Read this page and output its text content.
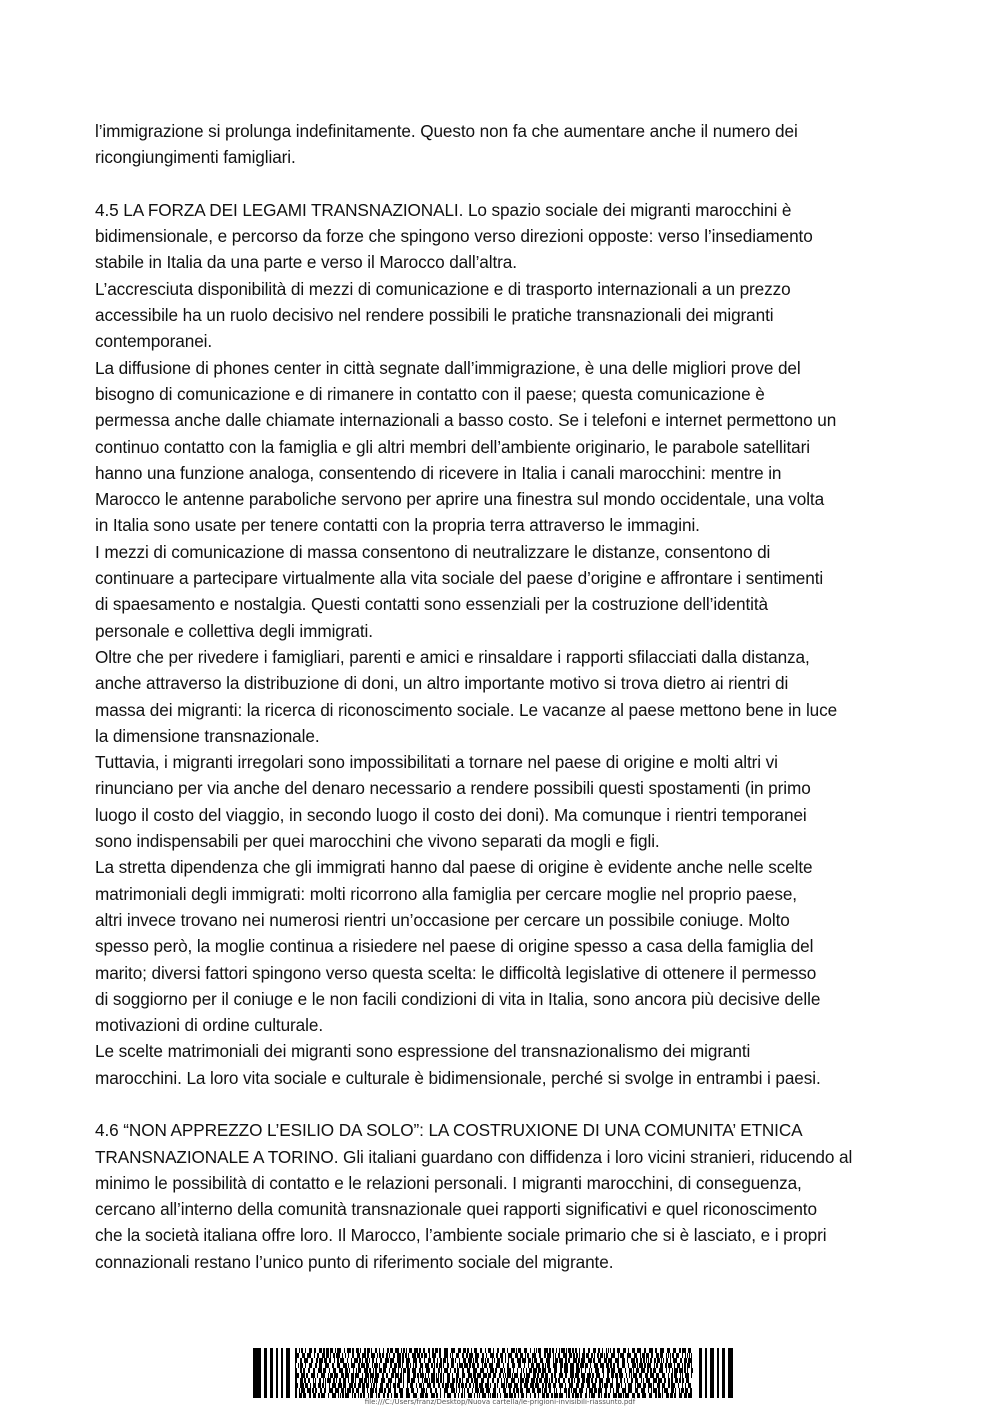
l’immigrazione si prolunga indefinitamente. Questo non fa che aumentare anche il numero dei
ricongiungimenti famigliari.

4.5 LA FORZA DEI LEGAMI TRANSNAZIONALI. Lo spazio sociale dei migranti marocchini è
bidimensionale, e percorso da forze che spingono verso direzioni opposte: verso l’insediamento
stabile in Italia da una parte e verso il Marocco dall’altra.

L’accresciuta disponibilità di mezzi di comunicazione e di trasporto internazionali a un prezzo
accessibile ha un ruolo decisivo nel rendere possibili le pratiche transnazionali dei migranti
contemporanei.

La diffusione di phones center in città segnate dall’immigrazione, è una delle migliori prove del
bisogno di comunicazione e di rimanere in contatto con il paese; questa comunicazione è
permessa anche dalle chiamate internazionali a basso costo. Se i telefoni e internet permettono un
continuo contatto con la famiglia e gli altri membri dell’ambiente originario, le parabole satellitari
hanno una funzione analoga, consentendo di ricevere in Italia i canali marocchini: mentre in
Marocco le antenne paraboliche servono per aprire una finestra sul mondo occidentale, una volta
in Italia sono usate per tenere contatti con la propria terra attraverso le immagini.

I mezzi di comunicazione di massa consentono di neutralizzare le distanze, consentono di
continuare a partecipare virtualmente alla vita sociale del paese d’origine e affrontare i sentimenti
di spaesamento e nostalgia. Questi contatti sono essenziali per la costruzione dell’identità
personale e collettiva degli immigrati.

Oltre che per rivedere i famigliari, parenti e amici e rinsaldare i rapporti sfilacciati dalla distanza,
anche attraverso la distribuzione di doni, un altro importante motivo si trova dietro ai rientri di
massa dei migranti: la ricerca di riconoscimento sociale. Le vacanze al paese mettono bene in luce
la dimensione transnazionale.

Tuttavia, i migranti irregolari sono impossibilitati a tornare nel paese di origine e molti altri vi
rinunciano per via anche del denaro necessario a rendere possibili questi spostamenti (in primo
luogo il costo del viaggio, in secondo luogo il costo dei doni). Ma comunque i rientri temporanei
sono indispensabili per quei marocchini che vivono separati da mogli e figli.

La stretta dipendenza che gli immigrati hanno dal paese di origine è evidente anche nelle scelte
matrimoniali degli immigrati: molti ricorrono alla famiglia per cercare moglie nel proprio paese,
altri invece trovano nei numerosi rientri un’occasione per cercare un possibile coniuge. Molto
spesso però, la moglie continua a risiedere nel paese di origine spesso a casa della famiglia del
marito; diversi fattori spingono verso questa scelta: le difficoltà legislative di ottenere il permesso
di soggiorno per il coniuge e le non facili condizioni di vita in Italia, sono ancora più decisive delle
motivazioni di ordine culturale.

Le scelte matrimoniali dei migranti sono espressione del transnazionalismo dei migranti
marocchini. La loro vita sociale e culturale è bidimensionale, perché si svolge in entrambi i paesi.

4.6 “NON APPREZZO L’ESILIO DA SOLO”: LA COSTRUXIONE DI UNA COMUNITA’ ETNICA
TRANSNAZIONALE A TORINO. Gli italiani guardano con diffidenza i loro vicini stranieri, riducendo al
minimo le possibilità di contatto e le relazioni personali. I migranti marocchini, di conseguenza,
cercano all’interno della comunità transnazionale quei rapporti significativi e quel riconoscimento
che la società italiana offre loro. Il Marocco, l’ambiente sociale primario che si è lasciato, e i propri
connazionali restano l’unico punto di riferimento sociale del migrante.

file:///C:/Users/franz/Desktop/Nuova cartella/le-prigioni-invisibili-riassunto.pdf
